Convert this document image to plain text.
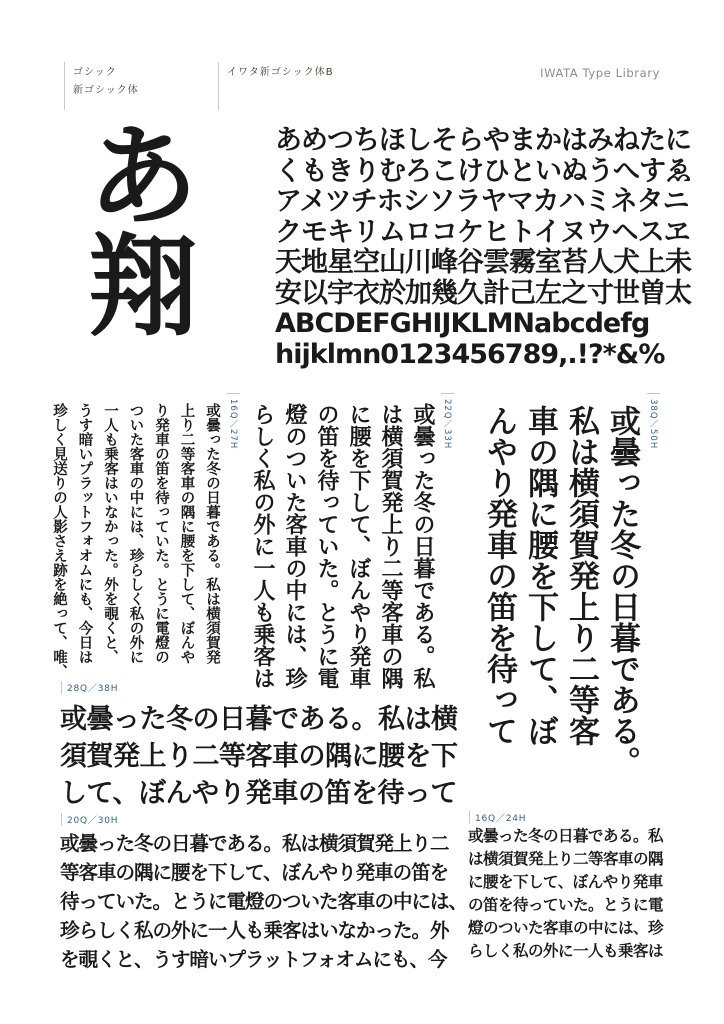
ゴシック
新ゴシック体
イワタ新ゴシック体B	IWATA Type Library
あ
翔
あめつちほしそらやまかはみねたに
くもきりむろこけひといぬうへすゑ
アメツチホシソラヤマカハミネタニ
クモキリムロコケヒトイヌウヘスヱ
天地星空山川峰谷雲霧室苔人犬上未
安以宇衣於加幾久計己左之寸世曽太
ABCDEFGHIJKLMNabcdefg
hijklmn0123456789,.!?*&%
38Q／50H
或曇った冬の日暮である。
私は横須賀発上り二等客
車の隅に腰を下して、ぼ
んやり発車の笛を待って
22Q／33H
或曇った冬の日暮である。私
は横須賀発上り二等客車の隅
に腰を下して、ぼんやり発車
の笛を待っていた。とうに電
燈のついた客車の中には、珍
らしく私の外に一人も乗客は
16Q／27H
或曇った冬の日暮である。私は横須賀発
上り二等客車の隅に腰を下して、ぼんや
り発車の笛を待っていた。とうに電燈の
ついた客車の中には、珍らしく私の外に
一人も乗客はいなかった。外を覗くと、
うす暗いプラットフォオムにも、今日は
珍しく見送りの人影さえ跡を絶って、唯、
28Q／38H
或曇った冬の日暮である。私は横
須賀発上り二等客車の隅に腰を下
して、ぼんやり発車の笛を待って
20Q／30H
或曇った冬の日暮である。私は横須賀発上り二
等客車の隅に腰を下して、ぼんやり発車の笛を
待っていた。とうに電燈のついた客車の中には、
珍らしく私の外に一人も乗客はいなかった。外
を覗くと、うす暗いプラットフォオムにも、今
16Q／24H
或曇った冬の日暮である。私
は横須賀発上り二等客車の隅
に腰を下して、ぼんやり発車
の笛を待っていた。とうに電
燈のついた客車の中には、珍
らしく私の外に一人も乗客は
